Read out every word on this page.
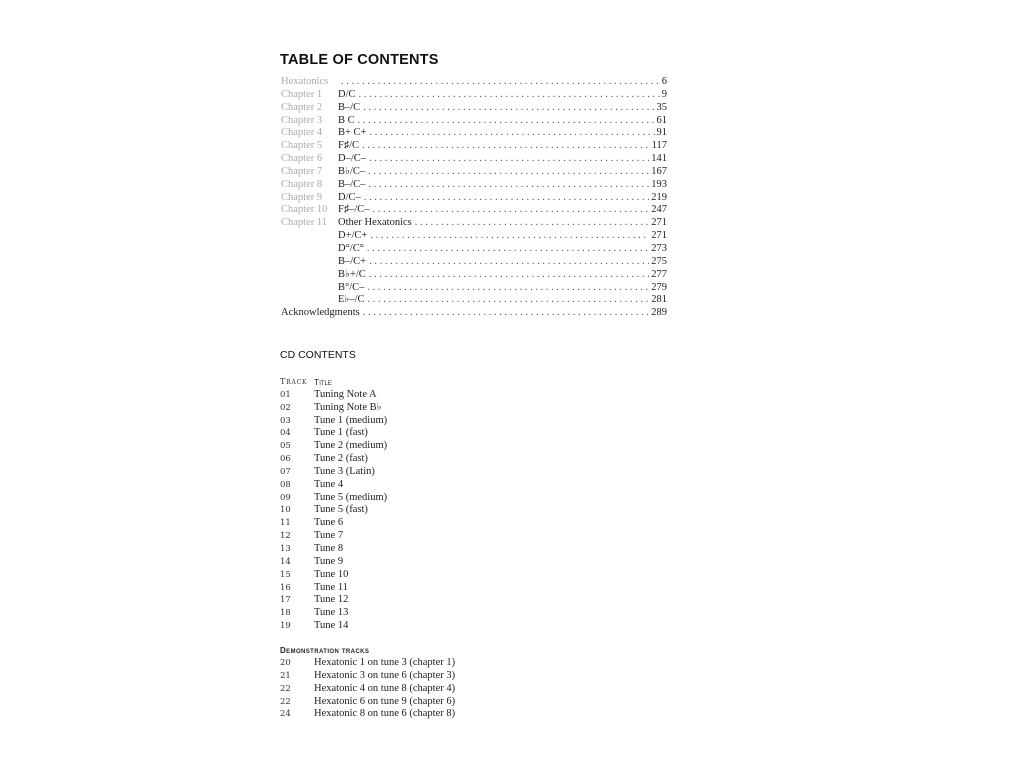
TABLE OF CONTENTS
Hexatonics . . .	6
Chapter 1	D/C . . .	9
Chapter 2	B–/C . . .	35
Chapter 3	B C . . .	61
Chapter 4	B+ C+ . . .	91
Chapter 5	F♯/C . . .	117
Chapter 6	D–/C– . . .	141
Chapter 7	B♭/C– . . .	167
Chapter 8	B–/C– . . .	193
Chapter 9	D/C– . . .	219
Chapter 10	F♯–/C– . . .	247
Chapter 11	Other Hexatonics . . .	271
D+/C+ . . .	271
D°/C° . . .	273
B–/C+ . . .	275
B♭+/C . . .	277
B°/C– . . .	279
E♭–/C . . .	281
Acknowledgments . . .	289
CD CONTENTS
Track Title
01	Tuning Note A
02	Tuning Note B♭
03	Tune 1 (medium)
04	Tune 1 (fast)
05	Tune 2 (medium)
06	Tune 2 (fast)
07	Tune 3 (Latin)
08	Tune 4
09	Tune 5 (medium)
10	Tune 5 (fast)
11	Tune 6
12	Tune 7
13	Tune 8
14	Tune 9
15	Tune 10
16	Tune 11
17	Tune 12
18	Tune 13
19	Tune 14
Demonstration tracks
20	Hexatonic 1 on tune 3 (chapter 1)
21	Hexatonic 3 on tune 6 (chapter 3)
22	Hexatonic 4 on tune 8 (chapter 4)
22	Hexatonic 6 on tune 9 (chapter 6)
24	Hexatonic 8 on tune 6 (chapter 8)
